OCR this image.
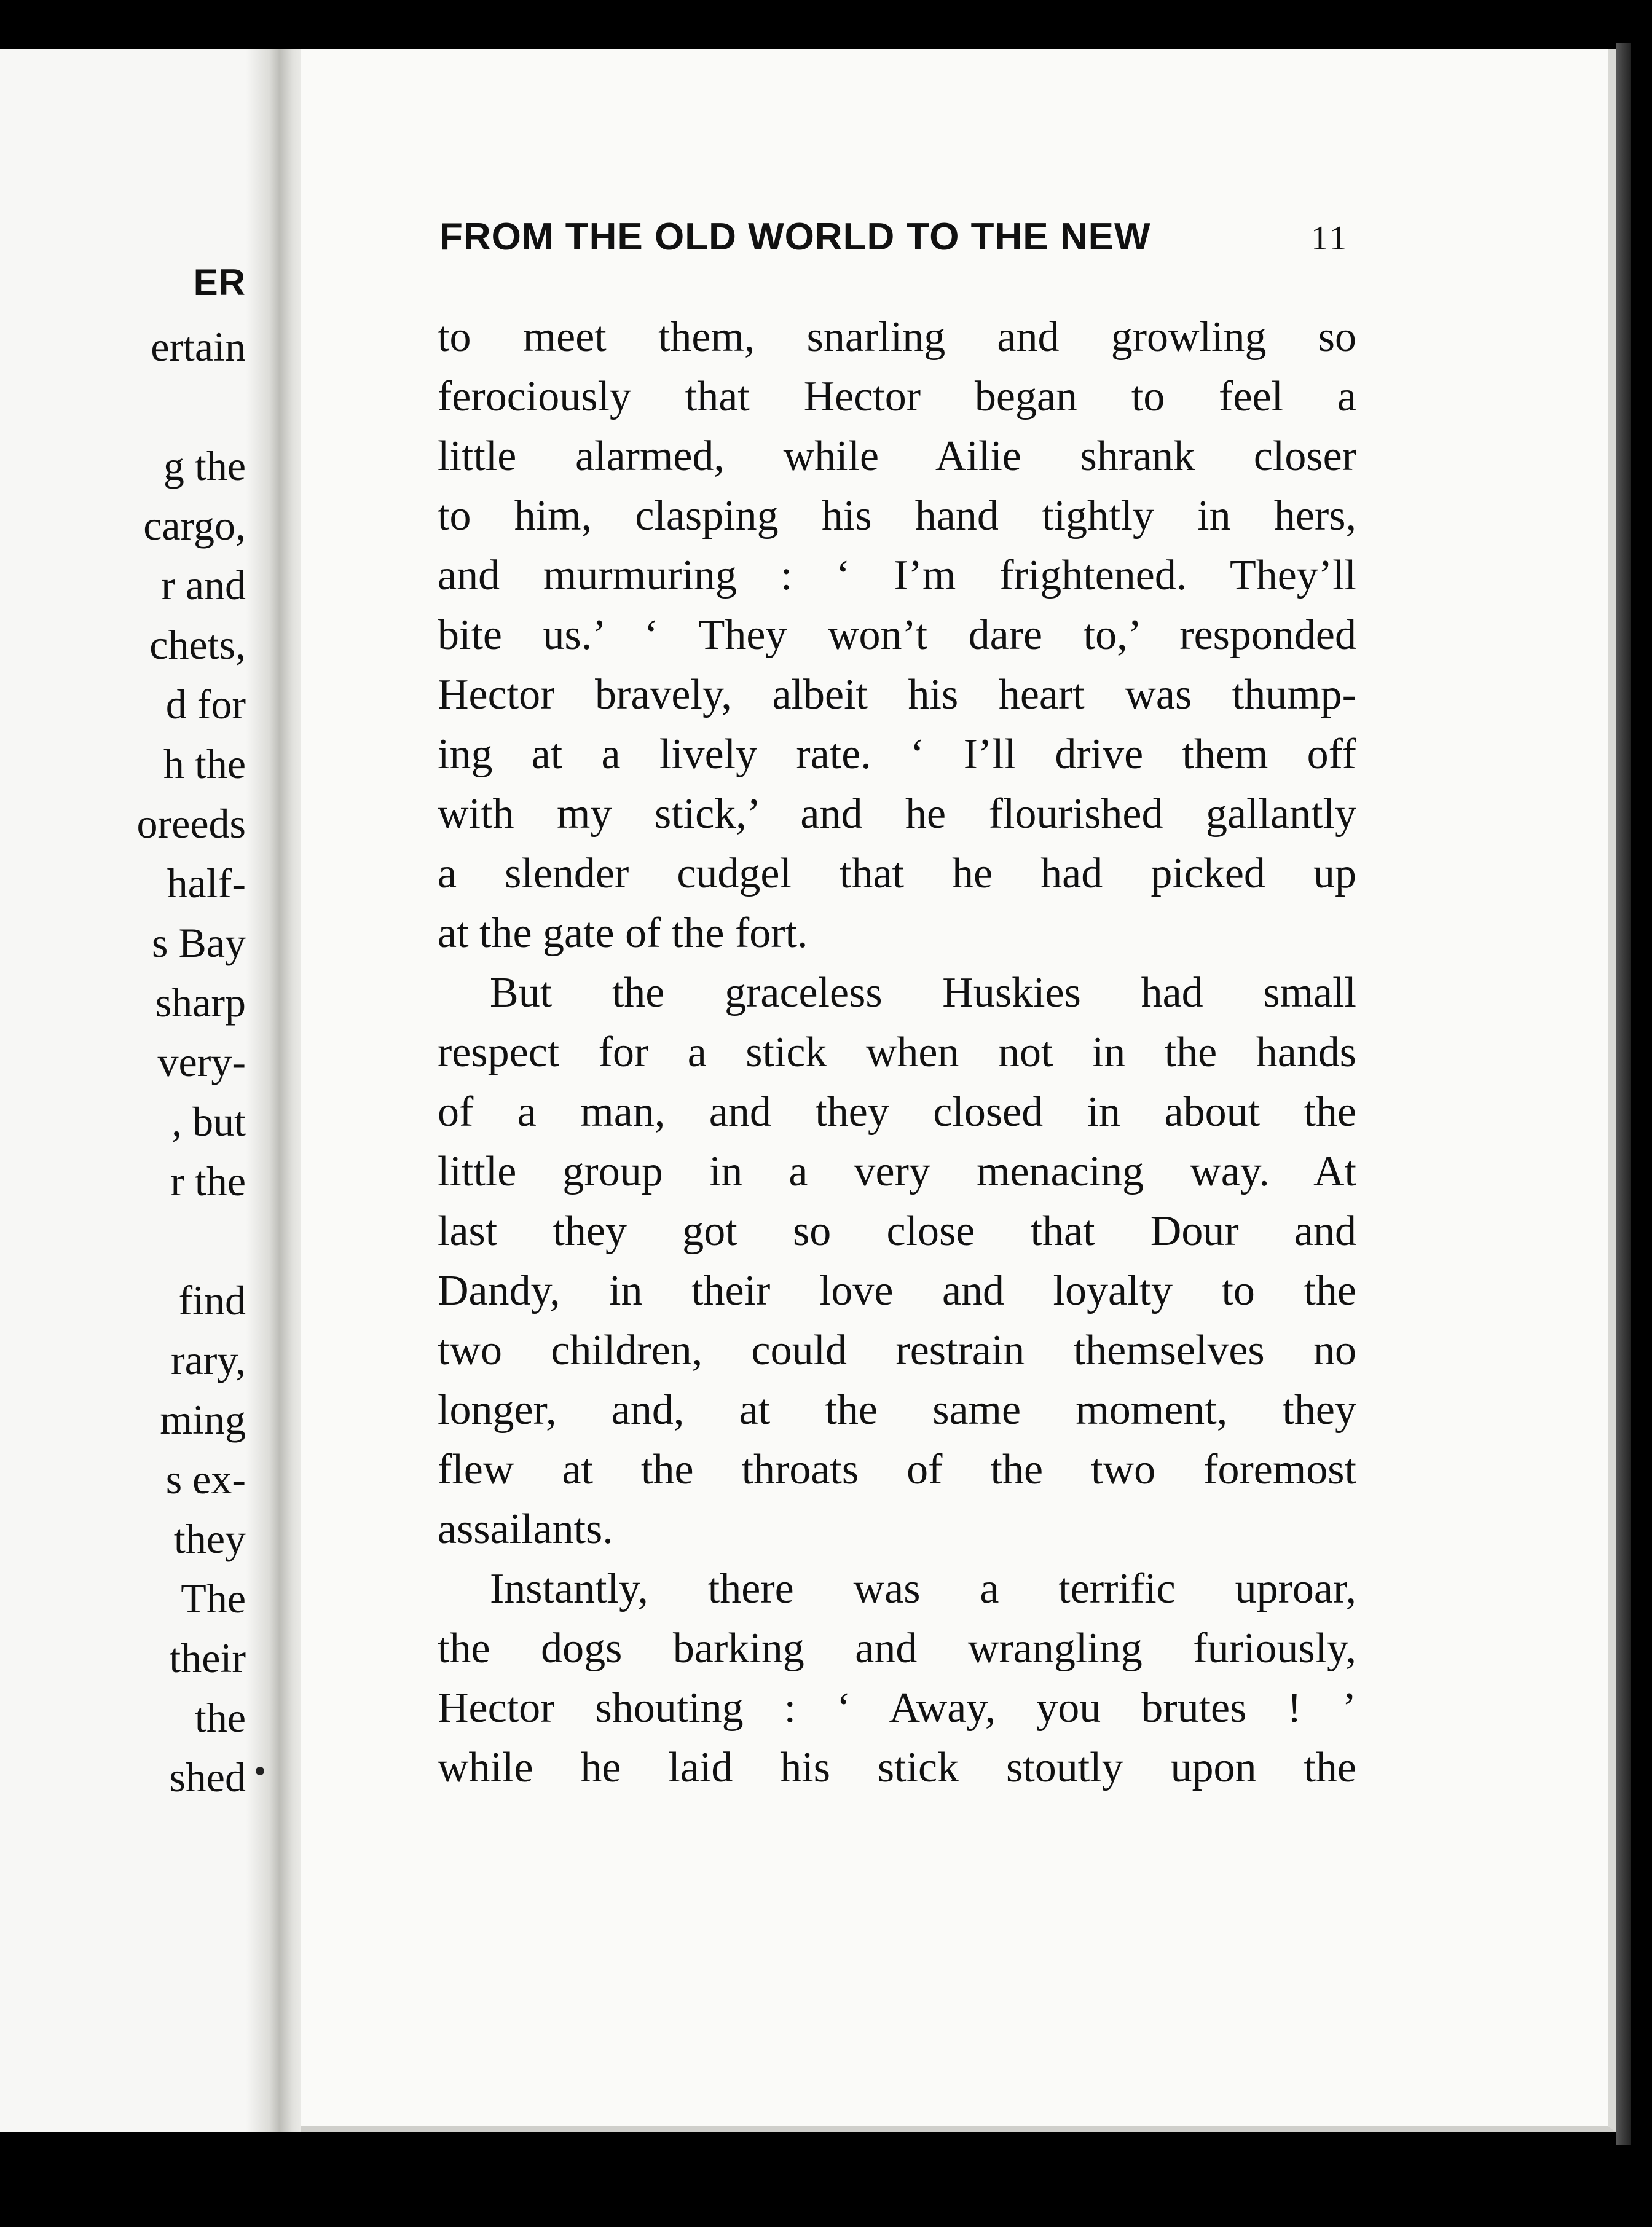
ER
ertain
g the
cargo,
r and
chets,
d for
h the
oreeds
half-
s Bay
sharp
very-
, but
r the
find
rary,
ming
s ex-
they
The
their
the
shed
FROM THE OLD WORLD TO THE NEW	11
to meet them, snarling and growling so
ferociously that Hector began to feel a
little alarmed, while Ailie shrank closer
to him, clasping his hand tightly in hers,
and murmuring : ‘ I’m frightened. They’ll
bite us.’ ‘ They won’t dare to,’ responded
Hector bravely, albeit his heart was thump-
ing at a lively rate. ‘ I’ll drive them off
with my stick,’ and he flourished gallantly
a slender cudgel that he had picked up
at the gate of the fort.
But the graceless Huskies had small
respect for a stick when not in the hands
of a man, and they closed in about the
little group in a very menacing way. At
last they got so close that Dour and
Dandy, in their love and loyalty to the
two children, could restrain themselves no
longer, and, at the same moment, they
flew at the throats of the two foremost
assailants.
Instantly, there was a terrific uproar,
the dogs barking and wrangling furiously,
Hector shouting : ‘ Away, you brutes ! ’
while he laid his stick stoutly upon the
